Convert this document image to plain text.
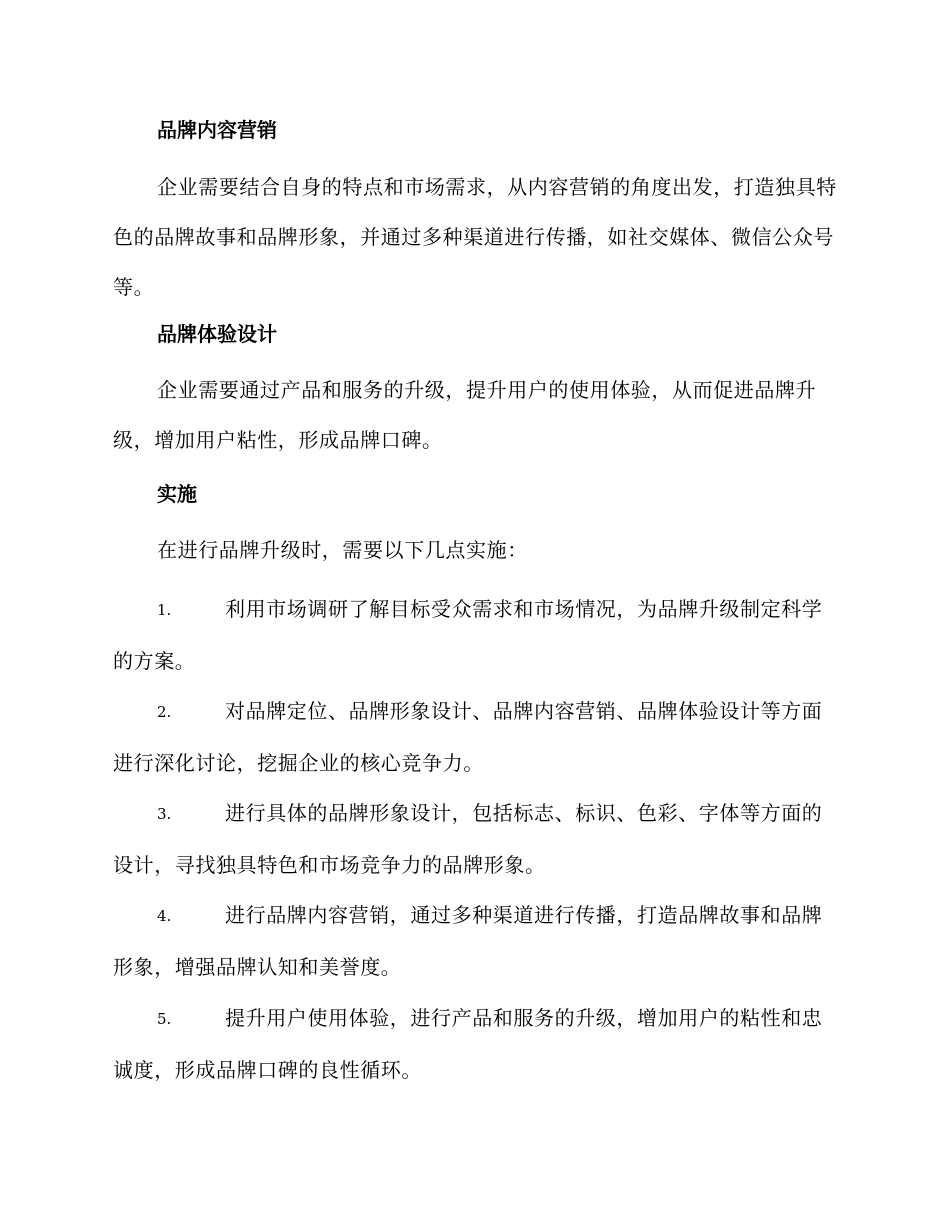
品牌内容营销
企业需要结合自身的特点和市场需求，从内容营销的角度出发，打造独具特色的品牌故事和品牌形象，并通过多种渠道进行传播，如社交媒体、微信公众号等。
品牌体验设计
企业需要通过产品和服务的升级，提升用户的使用体验，从而促进品牌升级，增加用户粘性，形成品牌口碑。
实施
在进行品牌升级时，需要以下几点实施：
1.	利用市场调研了解目标受众需求和市场情况，为品牌升级制定科学的方案。
2.	对品牌定位、品牌形象设计、品牌内容营销、品牌体验设计等方面进行深化讨论，挖掘企业的核心竞争力。
3.	进行具体的品牌形象设计，包括标志、标识、色彩、字体等方面的设计，寻找独具特色和市场竞争力的品牌形象。
4.	进行品牌内容营销，通过多种渠道进行传播，打造品牌故事和品牌形象，增强品牌认知和美誉度。
5.	提升用户使用体验，进行产品和服务的升级，增加用户的粘性和忠诚度，形成品牌口碑的良性循环。
